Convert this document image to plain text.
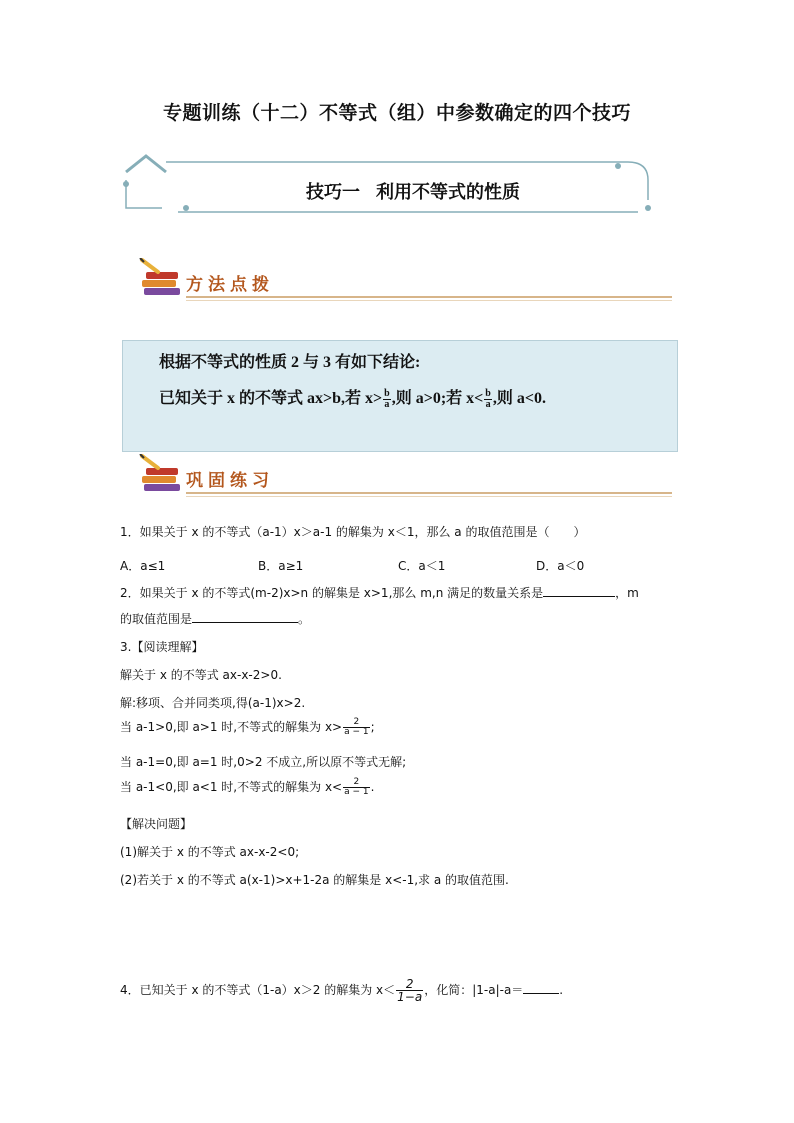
专题训练（十二）不等式（组）中参数确定的四个技巧
技巧一 利用不等式的性质
方法点拨
根据不等式的性质 2 与 3 有如下结论:
已知关于 x 的不等式 ax>b,若 $x> \frac{b}{a}$ ,则 a>0;若 $x< \frac{b}{a}$ ,则 a<0.
巩固练习
1．如果关于 x 的不等式（a-1）x＞a-1 的解集为 x＜1，那么 a 的取值范围是（　　）
A．a≤1	B．a≥1	C．a＜1	D．a＜0
2．如果关于 x 的不等式(m-2)x>n 的解集是 x>1,那么 m,n 满足的数量关系是	，m
的取值范围是	。
3.【阅读理解】
解关于 x 的不等式 ax-x-2>0.
解:移项、合并同类项,得(a-1)x>2.
当 a-1>0,即 a>1 时,不等式的解集为 $x> \frac{2}{a - 1}$ ;
当 a-1=0,即 a=1 时,0>2 不成立,所以原不等式无解;
当 a-1<0,即 a<1 时,不等式的解集为 $x< \frac{2}{a - 1}$ .
【解决问题】
(1)解关于 x 的不等式 ax-x-2<0;
(2)若关于 x 的不等式 a(x-1)>x+1-2a 的解集是 x<-1,求 a 的取值范围.
4．已知关于 x 的不等式（1-a）x＞2 的解集为 $x< \frac{2}{1-a}$ ，化简：|1-a|-a＝	.
